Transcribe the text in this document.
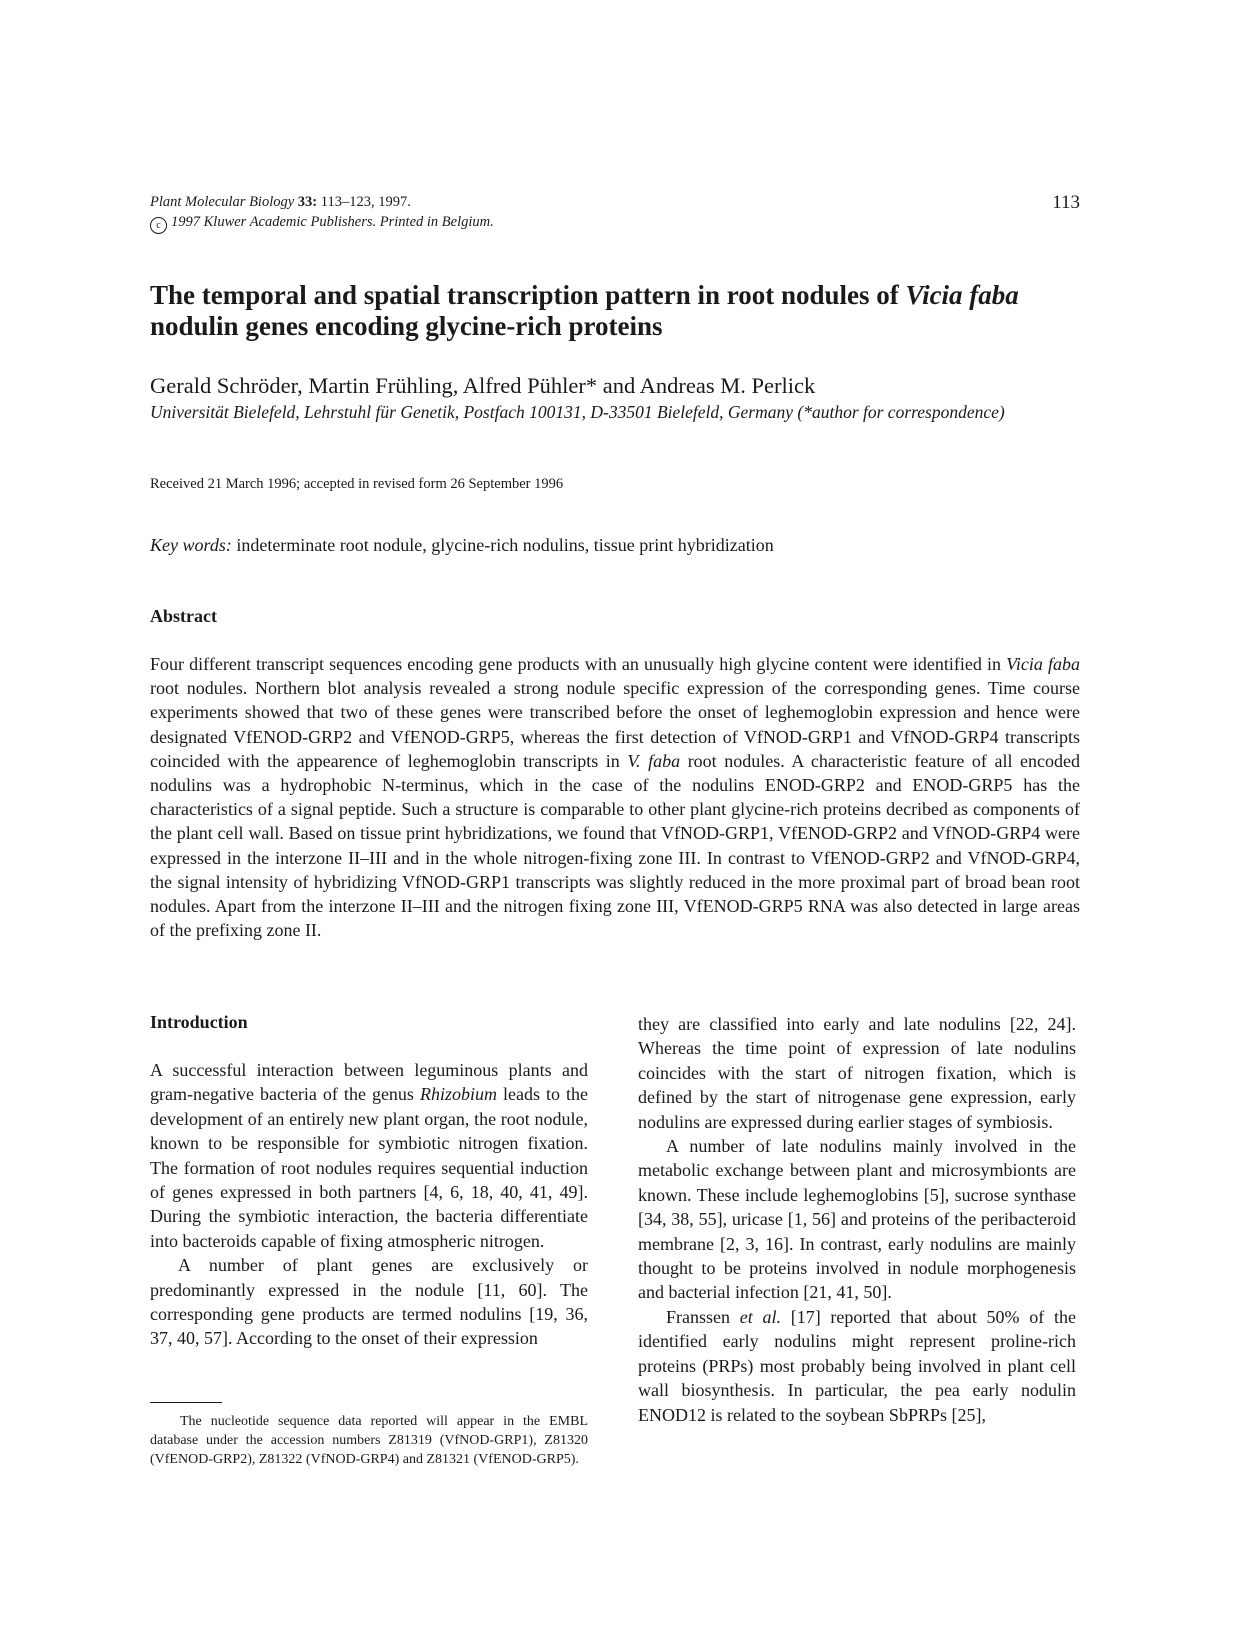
Plant Molecular Biology 33: 113–123, 1997.
c 1997 Kluwer Academic Publishers. Printed in Belgium.
113
The temporal and spatial transcription pattern in root nodules of Vicia faba
nodulin genes encoding glycine-rich proteins
Gerald Schröder, Martin Frühling, Alfred Pühler* and Andreas M. Perlick
Universität Bielefeld, Lehrstuhl für Genetik, Postfach 100131, D-33501 Bielefeld, Germany (*author for correspondence)
Received 21 March 1996; accepted in revised form 26 September 1996
Key words: indeterminate root nodule, glycine-rich nodulins, tissue print hybridization
Abstract
Four different transcript sequences encoding gene products with an unusually high glycine content were identified in Vicia faba root nodules. Northern blot analysis revealed a strong nodule specific expression of the corresponding genes. Time course experiments showed that two of these genes were transcribed before the onset of leghemoglobin expression and hence were designated VfENOD-GRP2 and VfENOD-GRP5, whereas the first detection of VfNOD-GRP1 and VfNOD-GRP4 transcripts coincided with the appearence of leghemoglobin transcripts in V. faba root nodules. A characteristic feature of all encoded nodulins was a hydrophobic N-terminus, which in the case of the nodulins ENOD-GRP2 and ENOD-GRP5 has the characteristics of a signal peptide. Such a structure is comparable to other plant glycine-rich proteins decribed as components of the plant cell wall. Based on tissue print hybridizations, we found that VfNOD-GRP1, VfENOD-GRP2 and VfNOD-GRP4 were expressed in the interzone II–III and in the whole nitrogen-fixing zone III. In contrast to VfENOD-GRP2 and VfNOD-GRP4, the signal intensity of hybridizing VfNOD-GRP1 transcripts was slightly reduced in the more proximal part of broad bean root nodules. Apart from the interzone II–III and the nitrogen fixing zone III, VfENOD-GRP5 RNA was also detected in large areas of the prefixing zone II.
Introduction

A successful interaction between leguminous plants and gram-negative bacteria of the genus Rhizobium leads to the development of an entirely new plant organ, the root nodule, known to be responsible for symbiotic nitrogen fixation. The formation of root nodules requires sequential induction of genes expressed in both partners [4, 6, 18, 40, 41, 49]. During the symbiotic interaction, the bacteria differentiate into bacteroids capable of fixing atmospheric nitrogen.

A number of plant genes are exclusively or predominantly expressed in the nodule [11, 60]. The corresponding gene products are termed nodulins [19, 36, 37, 40, 57]. According to the onset of their expression

they are classified into early and late nodulins [22, 24]. Whereas the time point of expression of late nodulins coincides with the start of nitrogen fixation, which is defined by the start of nitrogenase gene expression, early nodulins are expressed during earlier stages of symbiosis.

A number of late nodulins mainly involved in the metabolic exchange between plant and microsymbionts are known. These include leghemoglobins [5], sucrose synthase [34, 38, 55], uricase [1, 56] and proteins of the peribacteroid membrane [2, 3, 16]. In contrast, early nodulins are mainly thought to be proteins involved in nodule morphogenesis and bacterial infection [21, 41, 50].

Franssen et al. [17] reported that about 50% of the identified early nodulins might represent proline-rich proteins (PRPs) most probably being involved in plant cell wall biosynthesis. In particular, the pea early nodulin ENOD12 is related to the soybean SbPRPs [25],

The nucleotide sequence data reported will appear in the EMBL database under the accession numbers Z81319 (VfNOD-GRP1), Z81320 (VfENOD-GRP2), Z81322 (VfNOD-GRP4) and Z81321 (VfENOD-GRP5).
